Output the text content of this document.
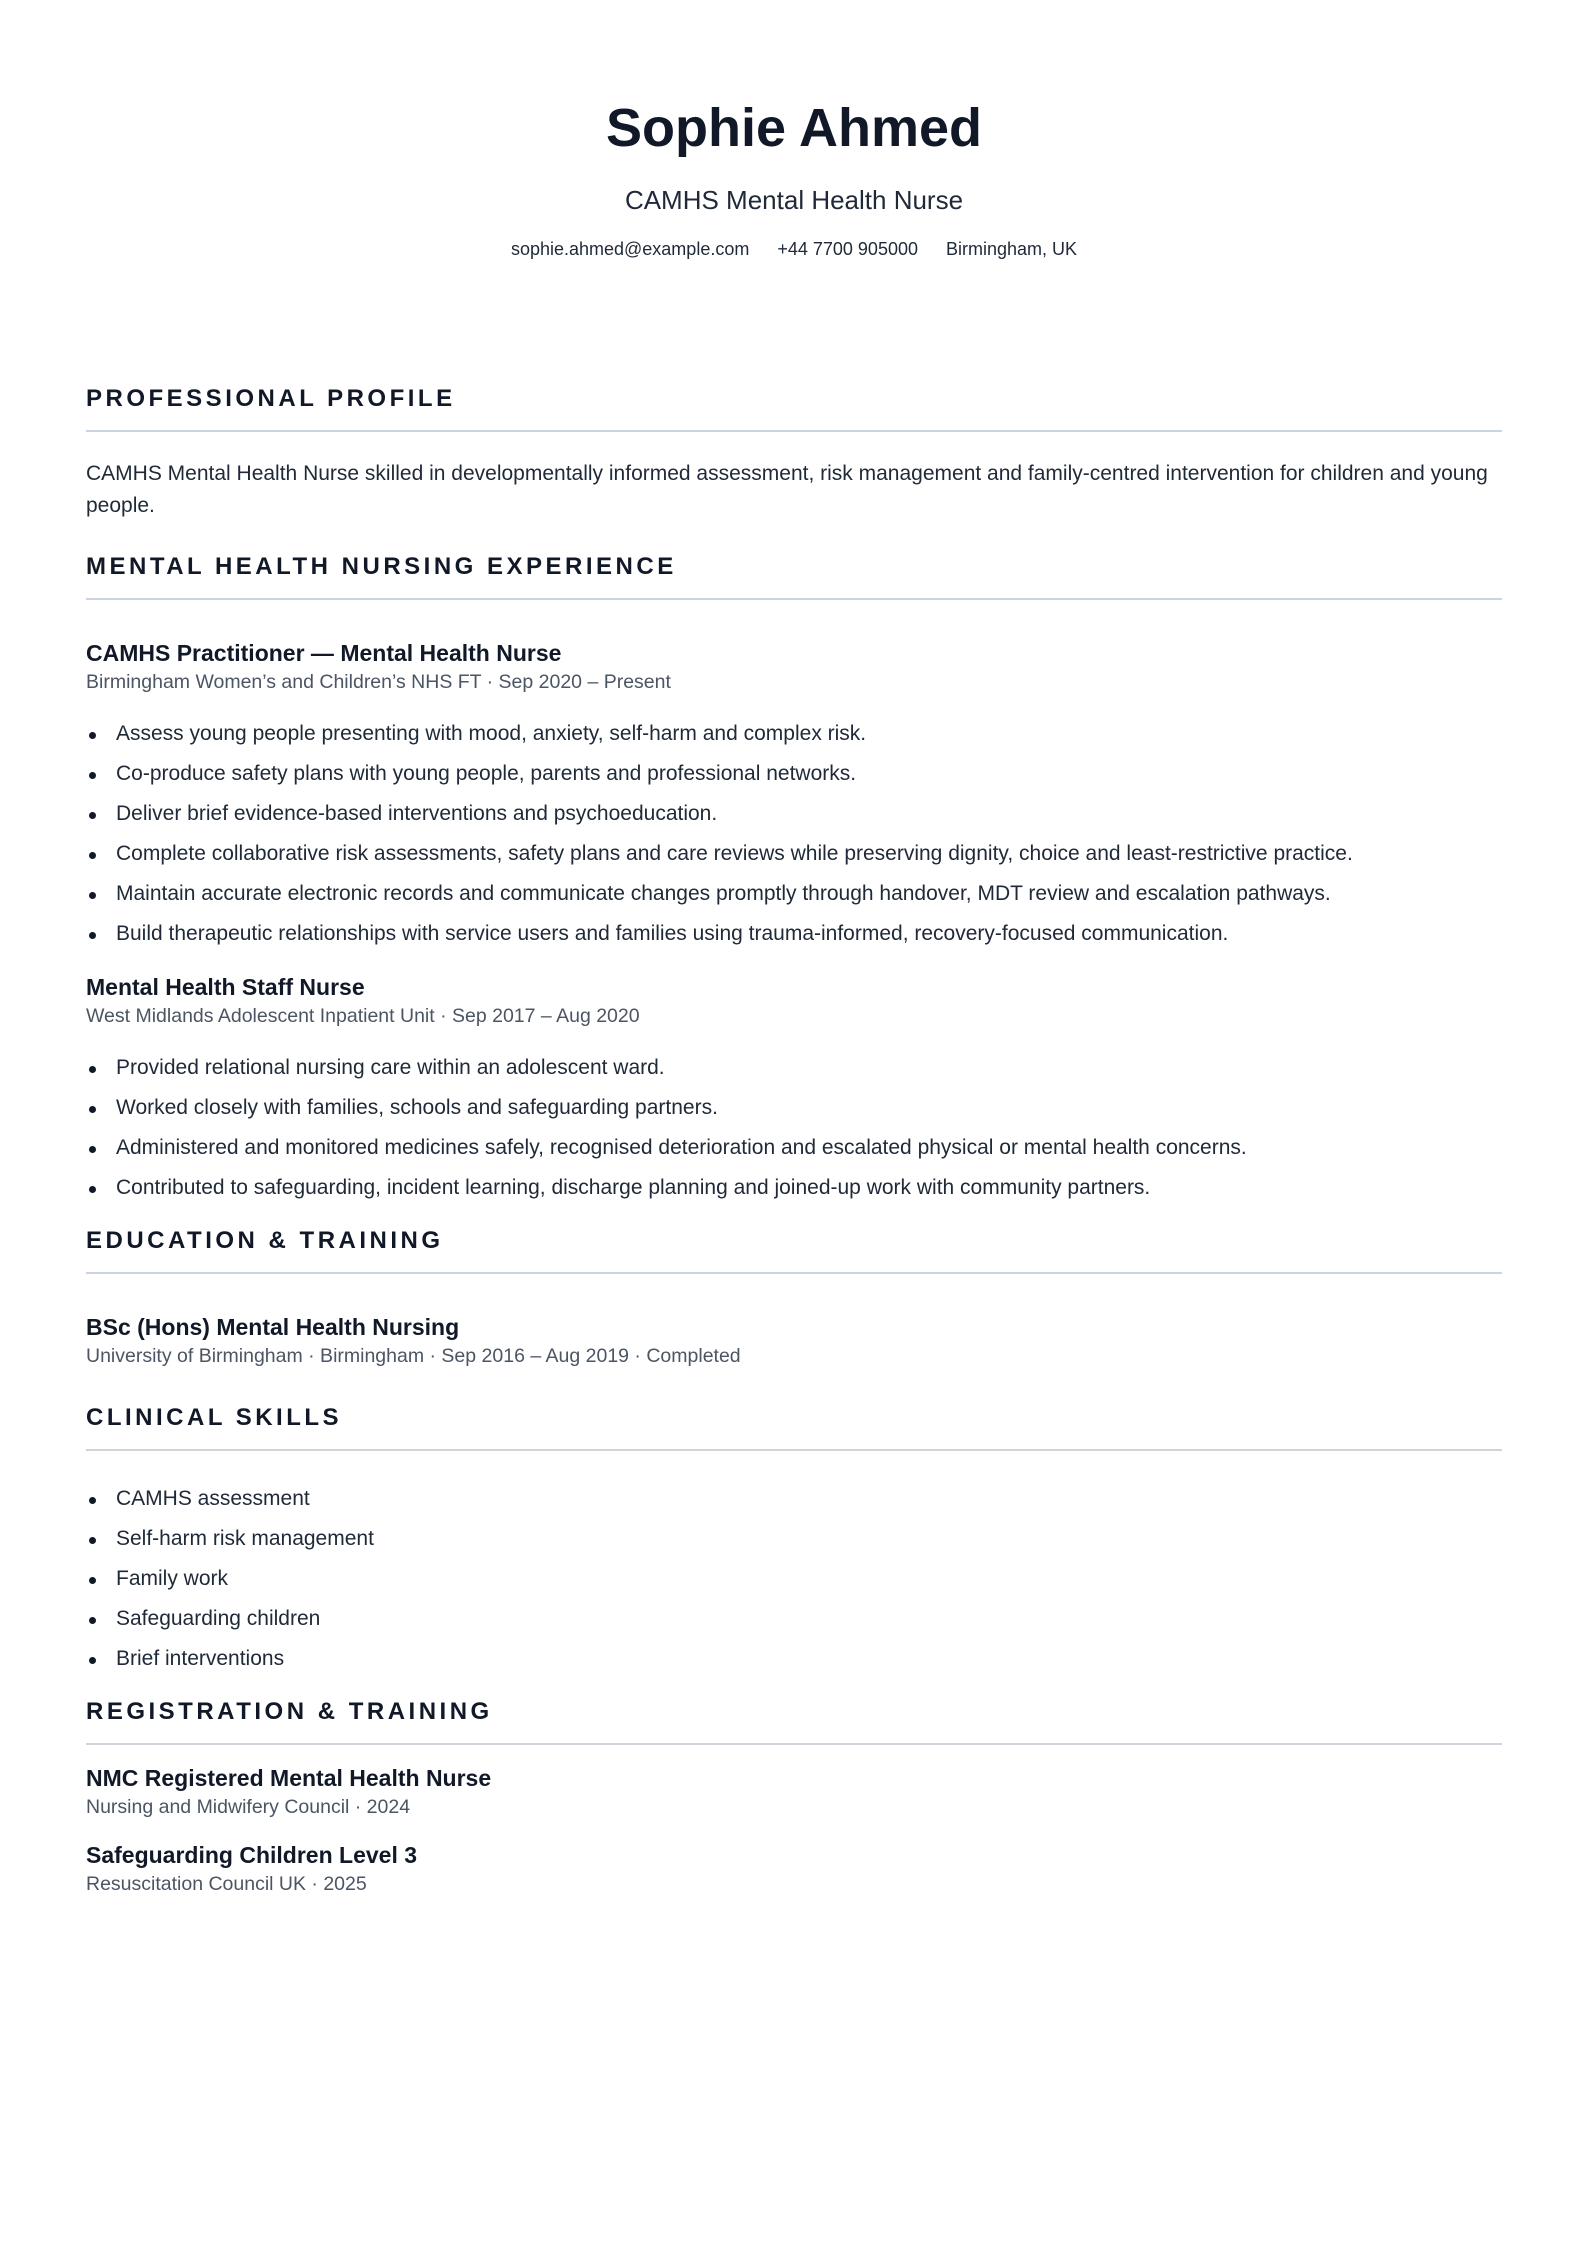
Sophie Ahmed
CAMHS Mental Health Nurse
sophie.ahmed@example.com +44 7700 905000 Birmingham, UK
PROFESSIONAL PROFILE
CAMHS Mental Health Nurse skilled in developmentally informed assessment, risk management and family-centred intervention for children and young people.
MENTAL HEALTH NURSING EXPERIENCE
CAMHS Practitioner — Mental Health Nurse
Birmingham Women’s and Children’s NHS FT · Sep 2020 – Present
Assess young people presenting with mood, anxiety, self-harm and complex risk.
Co-produce safety plans with young people, parents and professional networks.
Deliver brief evidence-based interventions and psychoeducation.
Complete collaborative risk assessments, safety plans and care reviews while preserving dignity, choice and least-restrictive practice.
Maintain accurate electronic records and communicate changes promptly through handover, MDT review and escalation pathways.
Build therapeutic relationships with service users and families using trauma-informed, recovery-focused communication.
Mental Health Staff Nurse
West Midlands Adolescent Inpatient Unit · Sep 2017 – Aug 2020
Provided relational nursing care within an adolescent ward.
Worked closely with families, schools and safeguarding partners.
Administered and monitored medicines safely, recognised deterioration and escalated physical or mental health concerns.
Contributed to safeguarding, incident learning, discharge planning and joined-up work with community partners.
EDUCATION & TRAINING
BSc (Hons) Mental Health Nursing
University of Birmingham · Birmingham · Sep 2016 – Aug 2019 · Completed
CLINICAL SKILLS
CAMHS assessment
Self-harm risk management
Family work
Safeguarding children
Brief interventions
REGISTRATION & TRAINING
NMC Registered Mental Health Nurse
Nursing and Midwifery Council · 2024
Safeguarding Children Level 3
Resuscitation Council UK · 2025
